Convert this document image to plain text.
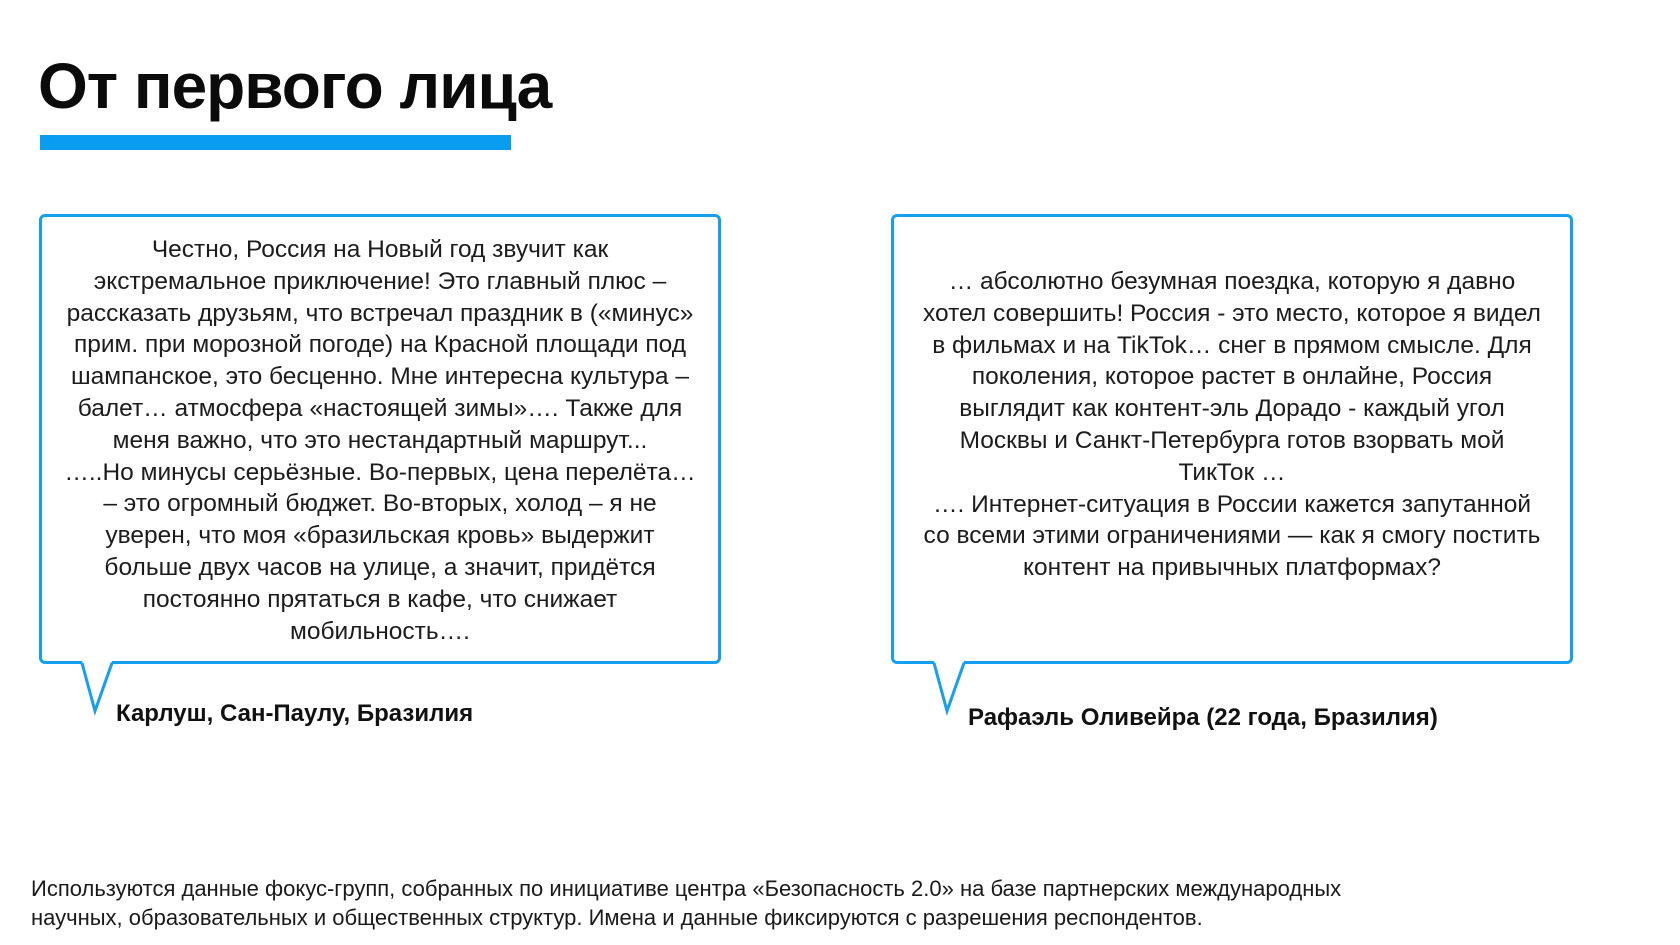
От первого лица

Честно, Россия на Новый год звучит как
экстремальное приключение! Это главный плюс –
рассказать друзьям, что встречал праздник в («минус»
прим. при морозной погоде) на Красной площади под
шампанское, это бесценно. Мне интересна культура –
балет… атмосфера «настоящей зимы»…. Также для
меня важно, что это нестандартный маршрут...
…..Но минусы серьёзные. Во-первых, цена перелёта…
– это огромный бюджет. Во-вторых, холод – я не
уверен, что моя «бразильская кровь» выдержит
больше двух часов на улице, а значит, придётся
постоянно прятаться в кафе, что снижает
мобильность….

Карлуш, Сан-Паулу, Бразилия

… абсолютно безумная поездка, которую я давно
хотел совершить! Россия - это место, которое я видел
в фильмах и на TikTok… снег в прямом смысле. Для
поколения, которое растет в онлайне, Россия
выглядит как контент-эль Дорадо - каждый угол
Москвы и Санкт-Петербурга готов взорвать мой
ТикТок …
…. Интернет-ситуация в России кажется запутанной
со всеми этими ограничениями — как я смогу постить
контент на привычных платформах?

Рафаэль Оливейра (22 года, Бразилия)

Используются данные фокус-групп, собранных по инициативе центра «Безопасность 2.0» на базе партнерских международных
научных, образовательных и общественных структур. Имена и данные фиксируются с разрешения респондентов.
